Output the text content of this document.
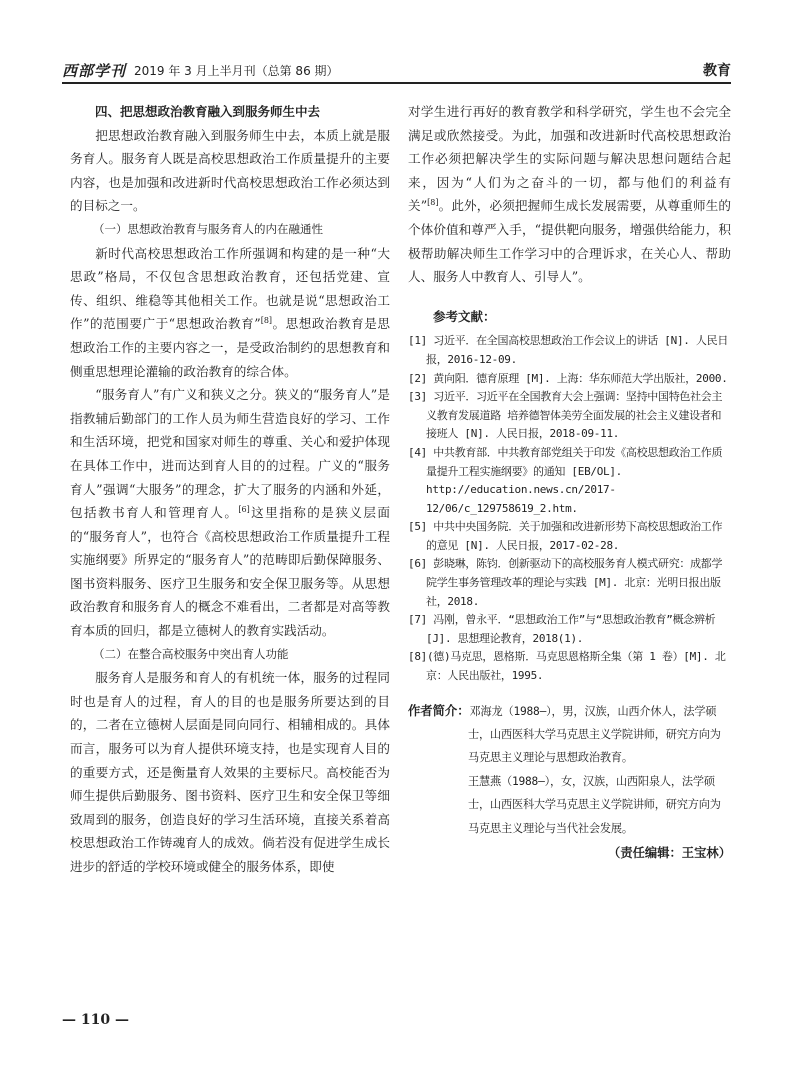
西部学刊 2019 年 3 月上半月刊（总第 86 期）	教育

四、把思想政治教育融入到服务师生中去

把思想政治教育融入到服务师生中去，本质上就是服务育人。服务育人既是高校思想政治工作质量提升的主要内容，也是加强和改进新时代高校思想政治工作必须达到的目标之一。

（一）思想政治教育与服务育人的内在融通性

新时代高校思想政治工作所强调和构建的是一种“大思政”格局，不仅包含思想政治教育，还包括党建、宣传、组织、维稳等其他相关工作。也就是说“思想政治工作”的范围要广于“思想政治教育”[8]。思想政治教育是思想政治工作的主要内容之一，是受政治制约的思想教育和侧重思想理论灌输的政治教育的综合体。

“服务育人”有广义和狭义之分。狭义的“服务育人”是指教辅后勤部门的工作人员为师生营造良好的学习、工作和生活环境，把党和国家对师生的尊重、关心和爱护体现在具体工作中，进而达到育人目的的过程。广义的“服务育人”强调“大服务”的理念，扩大了服务的内涵和外延，包括教书育人和管理育人。[6]这里指称的是狭义层面的“服务育人”，也符合《高校思想政治工作质量提升工程实施纲要》所界定的“服务育人”的范畴即后勤保障服务、图书资料服务、医疗卫生服务和安全保卫服务等。从思想政治教育和服务育人的概念不难看出，二者都是对高等教育本质的回归，都是立德树人的教育实践活动。

（二）在整合高校服务中突出育人功能

服务育人是服务和育人的有机统一体，服务的过程同时也是育人的过程，育人的目的也是服务所要达到的目的，二者在立德树人层面是同向同行、相辅相成的。具体而言，服务可以为育人提供环境支持，也是实现育人目的的重要方式，还是衡量育人效果的主要标尺。高校能否为师生提供后勤服务、图书资料、医疗卫生和安全保卫等细致周到的服务，创造良好的学习生活环境，直接关系着高校思想政治工作铸魂育人的成效。倘若没有促进学生成长进步的舒适的学校环境或健全的服务体系，即使

对学生进行再好的教育教学和科学研究，学生也不会完全满足或欣然接受。为此，加强和改进新时代高校思想政治工作必须把解决学生的实际问题与解决思想问题结合起来，因为“人们为之奋斗的一切，都与他们的利益有关”[8]。此外，必须把握师生成长发展需要，从尊重师生的个体价值和尊严入手，“提供靶向服务，增强供给能力，积极帮助解决师生工作学习中的合理诉求，在关心人、帮助人、服务人中教育人、引导人”。

参考文献：

[1] 习近平．在全国高校思想政治工作会议上的讲话 [N]. 人民日报，2016-12-09.
[2] 黄向阳．德育原理 [M]. 上海：华东师范大学出版社，2000.
[3] 习近平．习近平在全国教育大会上强调：坚持中国特色社会主义教育发展道路 培养德智体美劳全面发展的社会主义建设者和接班人 [N]. 人民日报，2018-09-11.
[4] 中共教育部．中共教育部党组关于印发《高校思想政治工作质量提升工程实施纲要》的通知 [EB/OL]. http://education.news.cn/2017-12/06/c_129758619_2.htm.
[5] 中共中央国务院．关于加强和改进新形势下高校思想政治工作的意见 [N]. 人民日报，2017-02-28.
[6] 彭晓琳，陈钧．创新驱动下的高校服务育人模式研究：成都学院学生事务管理改革的理论与实践 [M]. 北京：光明日报出版社，2018.
[7] 冯刚，曾永平．“思想政治工作”与“思想政治教育”概念辨析 [J]. 思想理论教育，2018(1).
[8](德)马克思，恩格斯．马克思恩格斯全集（第 1 卷）[M]. 北京：人民出版社，1995.
作者简介：邓海龙（1988—），男，汉族，山西介休人，法学硕士，山西医科大学马克思主义学院讲师，研究方向为马克思主义理论与思想政治教育。
王慧燕（1988—），女，汉族，山西阳泉人，法学硕士，山西医科大学马克思主义学院讲师，研究方向为马克思主义理论与当代社会发展。
（责任编辑：王宝林）
— 110 —
